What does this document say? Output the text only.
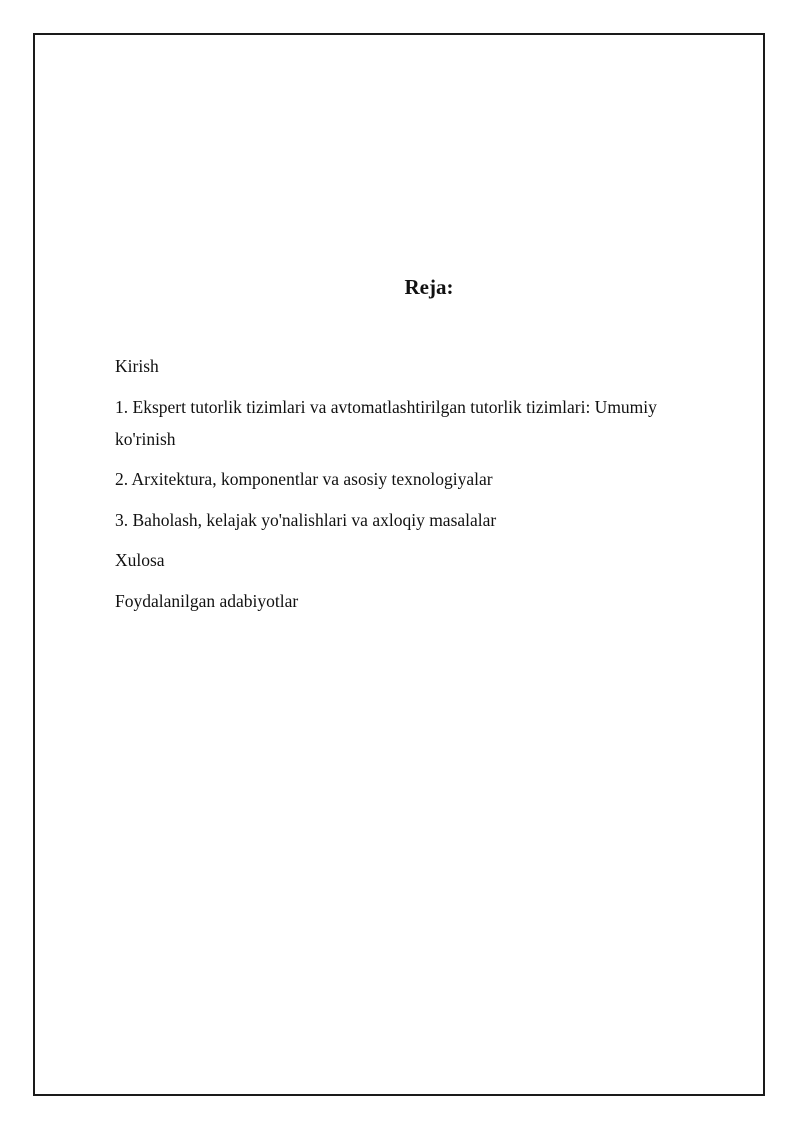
Reja:
Kirish
1. Ekspert tutorlik tizimlari va avtomatlashtirilgan tutorlik tizimlari: Umumiy ko'rinish
2. Arxitektura, komponentlar va asosiy texnologiyalar
3. Baholash, kelajak yo'nalishlari va axloqiy masalalar
Xulosa
Foydalanilgan adabiyotlar
